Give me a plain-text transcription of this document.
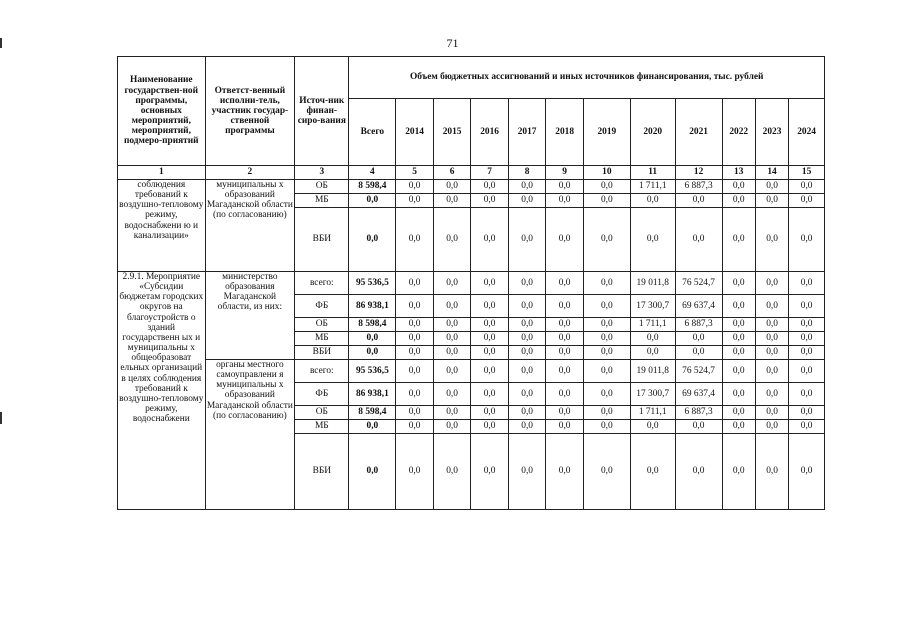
71
Наименование государствен-ной программы, основных мероприятий, мероприятий, подмеро-приятий	Ответст-венный исполни-тель, участник государ-ственной программы	Источ-ник финан-сиро-вания	Объем бюджетных ассигнований и иных источников финансирования, тыс. рублей											
			Всего	2014	2015	2016	2017	2018	2019	2020	2021	2022	2023	2024
1	2	3	4	5	6	7	8	9	10	11	12	13	14	15
соблюдения требований к воздушно-тепловому режиму, водоснабжени ю и канализации»	муниципальны х образований Магаданской области (по согласованию)	ОБ	8 598,4	0,0	0,0	0,0	0,0	0,0	0,0	1 711,1	6 887,3	0,0	0,0	0,0
		МБ	0,0	0,0	0,0	0,0	0,0	0,0	0,0	0,0	0,0	0,0	0,0	0,0
		ВБИ	0,0	0,0	0,0	0,0	0,0	0,0	0,0	0,0	0,0	0,0	0,0	0,0
2.9.1. Мероприятие «Субсидии бюджетам городских округов на благоустройств о зданий государственн ых и муниципальны х общеобразоват ельных организаций в целях соблюдения требований к воздушно-тепловому режиму, водоснабжени	министерство образования Магаданской области, из них:	всего:	95 536,5	0,0	0,0	0,0	0,0	0,0	0,0	19 011,8	76 524,7	0,0	0,0	0,0
		ФБ	86 938,1	0,0	0,0	0,0	0,0	0,0	0,0	17 300,7	69 637,4	0,0	0,0	0,0
		ОБ	8 598,4	0,0	0,0	0,0	0,0	0,0	0,0	1 711,1	6 887,3	0,0	0,0	0,0
		МБ	0,0	0,0	0,0	0,0	0,0	0,0	0,0	0,0	0,0	0,0	0,0	0,0
		ВБИ	0,0	0,0	0,0	0,0	0,0	0,0	0,0	0,0	0,0	0,0	0,0	0,0
	органы местного самоуправлени я муниципальны х образований Магаданской области (по согласованию)	всего:	95 536,5	0,0	0,0	0,0	0,0	0,0	0,0	19 011,8	76 524,7	0,0	0,0	0,0
		ФБ	86 938,1	0,0	0,0	0,0	0,0	0,0	0,0	17 300,7	69 637,4	0,0	0,0	0,0
		ОБ	8 598,4	0,0	0,0	0,0	0,0	0,0	0,0	1 711,1	6 887,3	0,0	0,0	0,0
		МБ	0,0	0,0	0,0	0,0	0,0	0,0	0,0	0,0	0,0	0,0	0,0	0,0
		ВБИ	0,0	0,0	0,0	0,0	0,0	0,0	0,0	0,0	0,0	0,0	0,0	0,0
